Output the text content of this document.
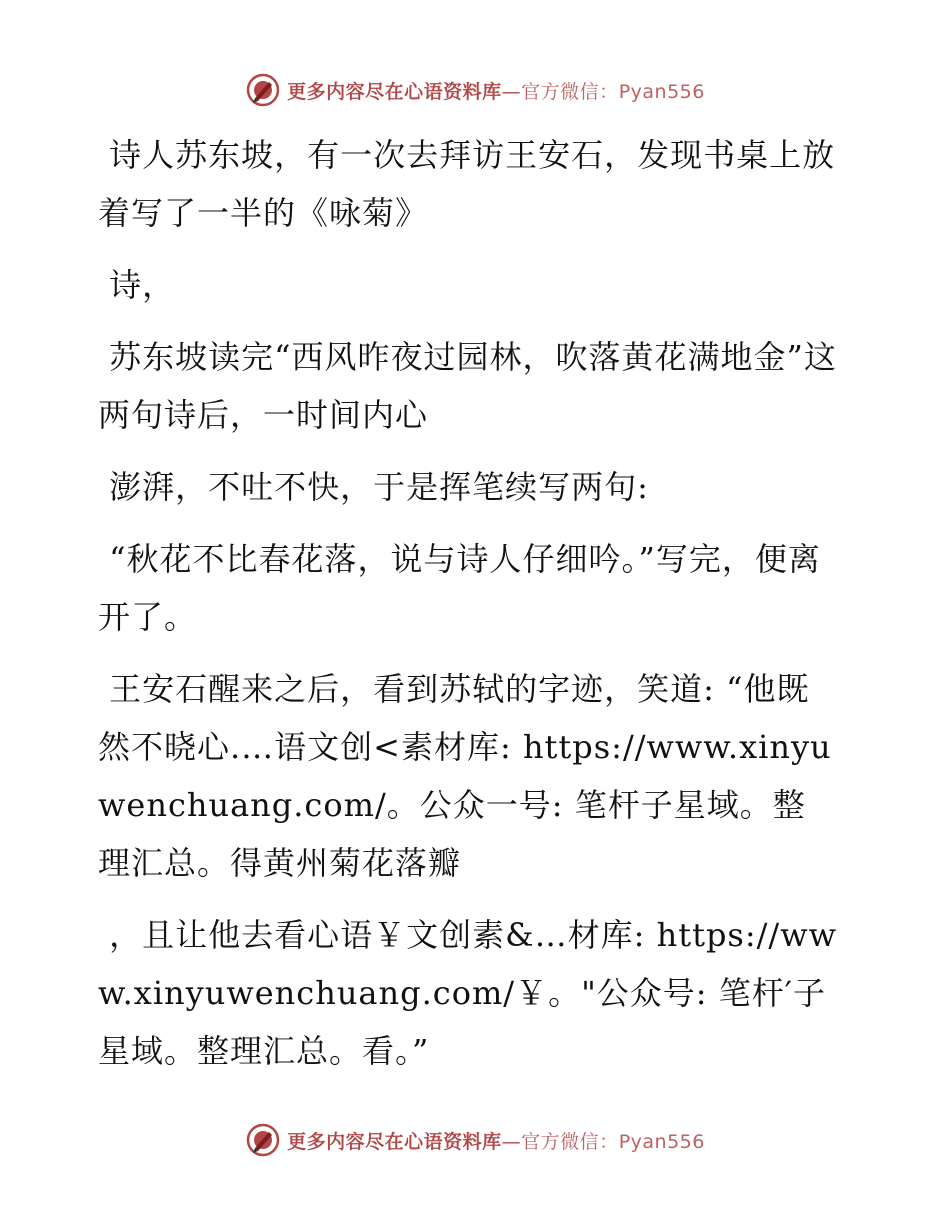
更多内容尽在心语资料库—官方微信：Pyan556

诗人苏东坡，有一次去拜访王安石，发现书桌上放着写了一半的《咏菊》

诗，

苏东坡读完“西风昨夜过园林，吹落黄花满地金”这两句诗后，一时间内心

澎湃，不吐不快，于是挥笔续写两句:

“秋花不比春花落，说与诗人仔细吟。”写完，便离开了。

王安石醒来之后，看到苏轼的字迹，笑道: “他既然不晓心.…语文创<素材库: https://www.xinyuwenchuang.com/。公众一号: 笔杆子星域。整理汇总。得黄州菊花落瓣

，且让他去看心语￥文创素&…材库: https://www.xinyuwenchuang.com/￥。"公众号: 笔杆′子星域。整理汇总。看。”

更多内容尽在心语资料库—官方微信：Pyan556
